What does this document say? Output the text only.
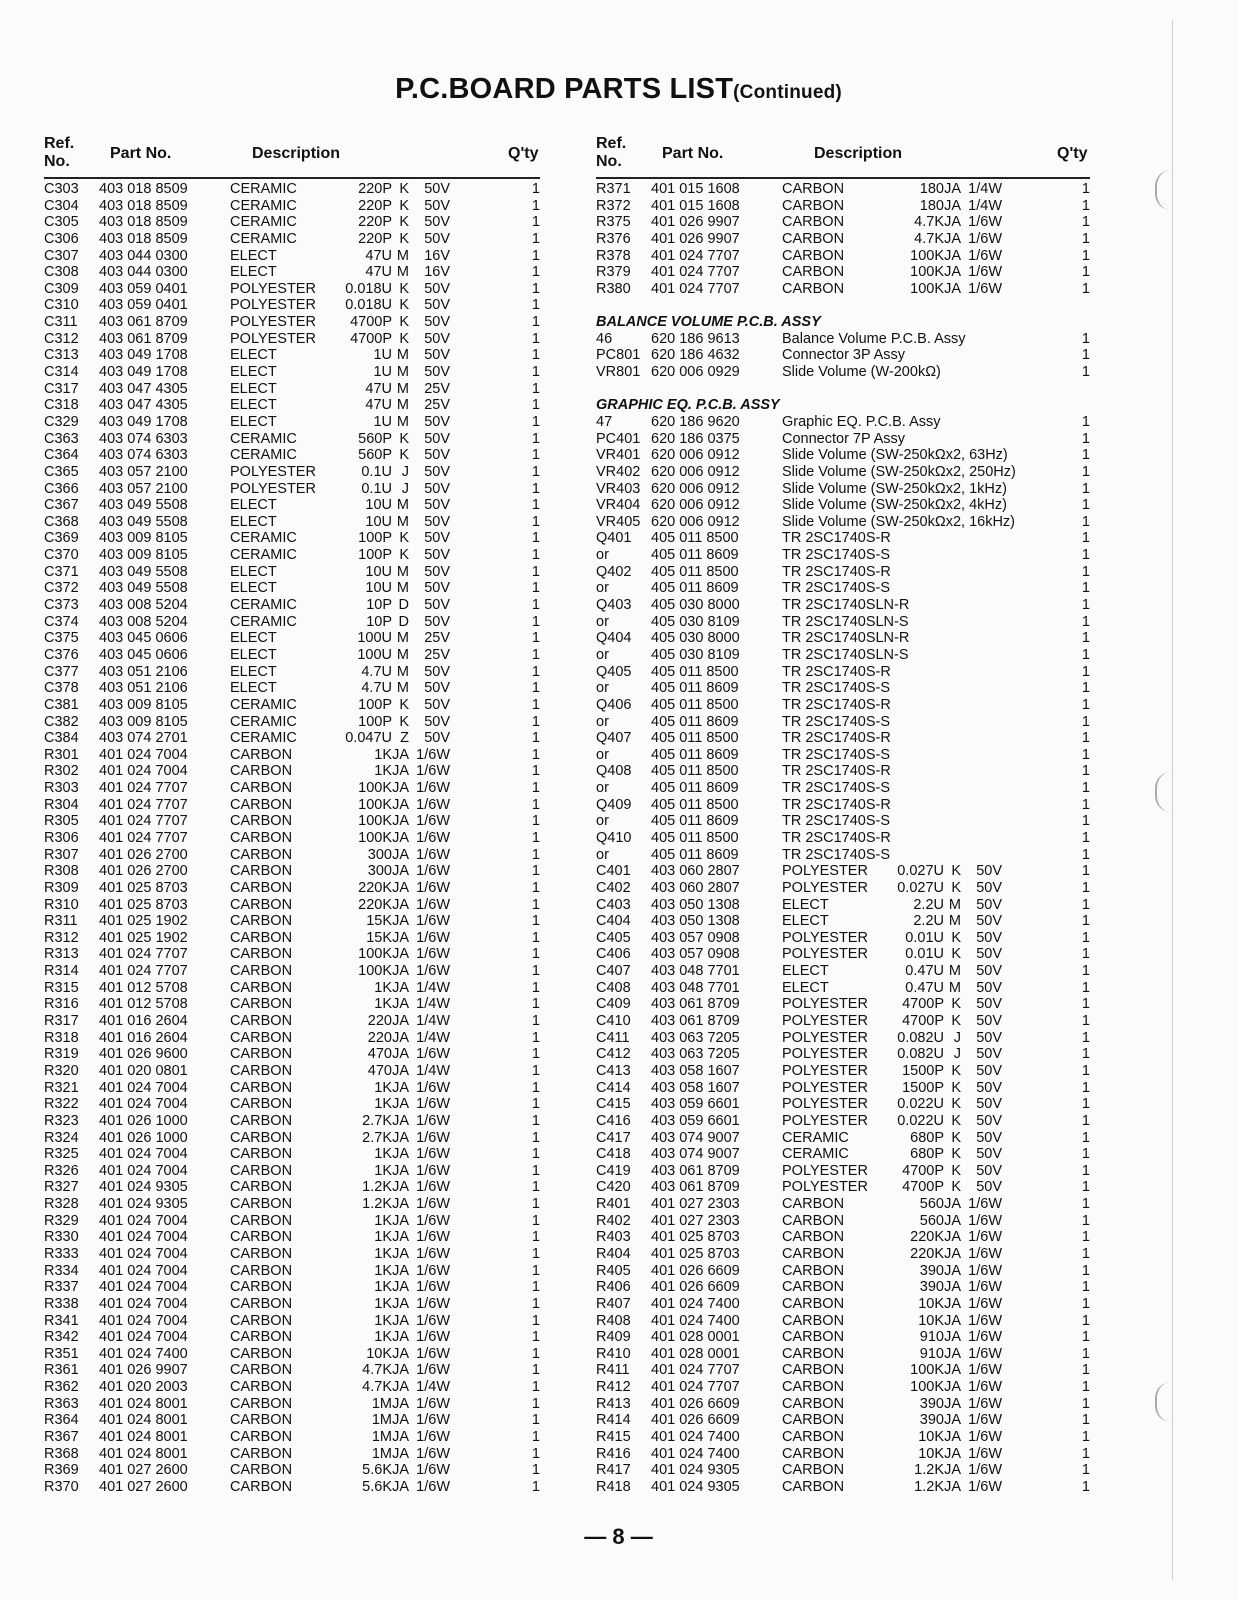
P.C.BOARD PARTS LIST(Continued)
Ref.
No.	Part No.	Description	Q'ty
Ref.
No.	Part No.	Description	Q'ty
C303 403 018 8509	CERAMIC	220P K 50V	1
C304 403 018 8509	CERAMIC	220P K 50V	1
C305 403 018 8509	CERAMIC	220P K 50V	1
C306 403 018 8509	CERAMIC	220P K 50V	1
C307 403 044 0300	ELECT	47U M 16V	1
C308 403 044 0300	ELECT	47U M 16V	1
C309 403 059 0401	POLYESTER 0.018U K 50V	1
C310 403 059 0401	POLYESTER 0.018U K 50V	1
C311 403 061 8709	POLYESTER 4700P K 50V	1
C312 403 061 8709	POLYESTER 4700P K 50V	1
C313 403 049 1708	ELECT	1U M 50V	1
C314 403 049 1708	ELECT	1U M 50V	1
C317 403 047 4305	ELECT	47U M 25V	1
C318 403 047 4305	ELECT	47U M 25V	1
C329 403 049 1708	ELECT	1U M 50V	1
C363 403 074 6303	CERAMIC	560P K 50V	1
C364 403 074 6303	CERAMIC	560P K 50V	1
C365 403 057 2100	POLYESTER	0.1U J 50V	1
C366 403 057 2100	POLYESTER	0.1U J 50V	1
C367 403 049 5508	ELECT	10U M 50V	1
C368 403 049 5508	ELECT	10U M 50V	1
C369 403 009 8105	CERAMIC	100P K 50V	1
C370 403 009 8105	CERAMIC	100P K 50V	1
C371 403 049 5508	ELECT	10U M 50V	1
C372 403 049 5508	ELECT	10U M 50V	1
C373 403 008 5204	CERAMIC	10P D 50V	1
C374 403 008 5204	CERAMIC	10P D 50V	1
C375 403 045 0606	ELECT	100U M 25V	1
C376 403 045 0606	ELECT	100U M 25V	1
C377 403 051 2106	ELECT	4.7U M 50V	1
C378 403 051 2106	ELECT	4.7U M 50V	1
C381 403 009 8105	CERAMIC	100P K 50V	1
C382 403 009 8105	CERAMIC	100P K 50V	1
C384 403 074 2701	CERAMIC	0.047U Z 50V	1
R301 401 024 7004	CARBON	1K JA 1/6W	1
R302 401 024 7004	CARBON	1K JA 1/6W	1
R303 401 024 7707	CARBON	100K JA 1/6W	1
R304 401 024 7707	CARBON	100K JA 1/6W	1
R305 401 024 7707	CARBON	100K JA 1/6W	1
R306 401 024 7707	CARBON	100K JA 1/6W	1
R307 401 026 2700	CARBON	300 JA 1/6W	1
R308 401 026 2700	CARBON	300 JA 1/6W	1
R309 401 025 8703	CARBON	220K JA 1/6W	1
R310 401 025 8703	CARBON	220K JA 1/6W	1
R311 401 025 1902	CARBON	15K JA 1/6W	1
R312 401 025 1902	CARBON	15K JA 1/6W	1
R313 401 024 7707	CARBON	100K JA 1/6W	1
R314 401 024 7707	CARBON	100K JA 1/6W	1
R315 401 012 5708	CARBON	1K JA 1/4W	1
R316 401 012 5708	CARBON	1K JA 1/4W	1
R317 401 016 2604	CARBON	220 JA 1/4W	1
R318 401 016 2604	CARBON	220 JA 1/4W	1
R319 401 026 9600	CARBON	470 JA 1/6W	1
R320 401 020 0801	CARBON	470 JA 1/4W	1
R321 401 024 7004	CARBON	1K JA 1/6W	1
R322 401 024 7004	CARBON	1K JA 1/6W	1
R323 401 026 1000	CARBON	2.7K JA 1/6W	1
R324 401 026 1000	CARBON	2.7K JA 1/6W	1
R325 401 024 7004	CARBON	1K JA 1/6W	1
R326 401 024 7004	CARBON	1K JA 1/6W	1
R327 401 024 9305	CARBON	1.2K JA 1/6W	1
R328 401 024 9305	CARBON	1.2K JA 1/6W	1
R329 401 024 7004	CARBON	1K JA 1/6W	1
R330 401 024 7004	CARBON	1K JA 1/6W	1
R333 401 024 7004	CARBON	1K JA 1/6W	1
R334 401 024 7004	CARBON	1K JA 1/6W	1
R337 401 024 7004	CARBON	1K JA 1/6W	1
R338 401 024 7004	CARBON	1K JA 1/6W	1
R341 401 024 7004	CARBON	1K JA 1/6W	1
R342 401 024 7004	CARBON	1K JA 1/6W	1
R351 401 024 7400	CARBON	10K JA 1/6W	1
R361 401 026 9907	CARBON	4.7K JA 1/6W	1
R362 401 020 2003	CARBON	4.7K JA 1/4W	1
R363 401 024 8001	CARBON	1M JA 1/6W	1
R364 401 024 8001	CARBON	1M JA 1/6W	1
R367 401 024 8001	CARBON	1M JA 1/6W	1
R368 401 024 8001	CARBON	1M JA 1/6W	1
R369 401 027 2600	CARBON	5.6K JA 1/6W	1
R370 401 027 2600	CARBON	5.6K JA 1/6W	1
R371 401 015 1608	CARBON	180 JA 1/4W	1
R372 401 015 1608	CARBON	180 JA 1/4W	1
R375 401 026 9907	CARBON	4.7K JA 1/6W	1
R376 401 026 9907	CARBON	4.7K JA 1/6W	1
R378 401 024 7707	CARBON	100K JA 1/6W	1
R379 401 024 7707	CARBON	100K JA 1/6W	1
R380 401 024 7707	CARBON	100K JA 1/6W	1
BALANCE VOLUME P.C.B. ASSY
46	620 186 9613	Balance Volume P.C.B. Assy	1
PC801 620 186 4632	Connector 3P Assy	1
VR801 620 006 0929	Slide Volume (W-200kΩ)	1
GRAPHIC EQ. P.C.B. ASSY
47	620 186 9620	Graphic EQ. P.C.B. Assy	1
PC401 620 186 0375	Connector 7P Assy	1
VR401 620 006 0912	Slide Volume (SW-250kΩx2, 63Hz)	1
VR402 620 006 0912	Slide Volume (SW-250kΩx2, 250Hz)	1
VR403 620 006 0912	Slide Volume (SW-250kΩx2, 1kHz)	1
VR404 620 006 0912	Slide Volume (SW-250kΩx2, 4kHz)	1
VR405 620 006 0912	Slide Volume (SW-250kΩx2, 16kHz)	1
Q401 405 011 8500	TR 2SC1740S-R	1
or	405 011 8609	TR 2SC1740S-S	1
Q402 405 011 8500	TR 2SC1740S-R	1
or	405 011 8609	TR 2SC1740S-S	1
Q403 405 030 8000	TR 2SC1740SLN-R	1
or	405 030 8109	TR 2SC1740SLN-S	1
Q404 405 030 8000	TR 2SC1740SLN-R	1
or	405 030 8109	TR 2SC1740SLN-S	1
Q405 405 011 8500	TR 2SC1740S-R	1
or	405 011 8609	TR 2SC1740S-S	1
Q406 405 011 8500	TR 2SC1740S-R	1
or	405 011 8609	TR 2SC1740S-S	1
Q407 405 011 8500	TR 2SC1740S-R	1
or	405 011 8609	TR 2SC1740S-S	1
Q408 405 011 8500	TR 2SC1740S-R	1
or	405 011 8609	TR 2SC1740S-S	1
Q409 405 011 8500	TR 2SC1740S-R	1
or	405 011 8609	TR 2SC1740S-S	1
Q410 405 011 8500	TR 2SC1740S-R	1
or	405 011 8609	TR 2SC1740S-S	1
C401 403 060 2807	POLYESTER 0.027U K 50V	1
C402 403 060 2807	POLYESTER 0.027U K 50V	1
C403 403 050 1308	ELECT	2.2U M 50V	1
C404 403 050 1308	ELECT	2.2U M 50V	1
C405 403 057 0908	POLYESTER	0.01U K 50V	1
C406 403 057 0908	POLYESTER	0.01U K 50V	1
C407 403 048 7701	ELECT	0.47U M 50V	1
C408 403 048 7701	ELECT	0.47U M 50V	1
C409 403 061 8709	POLYESTER 4700P K 50V	1
C410 403 061 8709	POLYESTER 4700P K 50V	1
C411 403 063 7205	POLYESTER 0.082U J 50V	1
C412 403 063 7205	POLYESTER 0.082U J 50V	1
C413 403 058 1607	POLYESTER 1500P K 50V	1
C414 403 058 1607	POLYESTER 1500P K 50V	1
C415 403 059 6601	POLYESTER 0.022U K 50V	1
C416 403 059 6601	POLYESTER 0.022U K 50V	1
C417 403 074 9007	CERAMIC	680P K 50V	1
C418 403 074 9007	CERAMIC	680P K 50V	1
C419 403 061 8709	POLYESTER 4700P K 50V	1
C420 403 061 8709	POLYESTER 4700P K 50V	1
R401 401 027 2303	CARBON	560 JA 1/6W	1
R402 401 027 2303	CARBON	560 JA 1/6W	1
R403 401 025 8703	CARBON	220K JA 1/6W	1
R404 401 025 8703	CARBON	220K JA 1/6W	1
R405 401 026 6609	CARBON	390 JA 1/6W	1
R406 401 026 6609	CARBON	390 JA 1/6W	1
R407 401 024 7400	CARBON	10K JA 1/6W	1
R408 401 024 7400	CARBON	10K JA 1/6W	1
R409 401 028 0001	CARBON	910 JA 1/6W	1
R410 401 028 0001	CARBON	910 JA 1/6W	1
R411 401 024 7707	CARBON	100K JA 1/6W	1
R412 401 024 7707	CARBON	100K JA 1/6W	1
R413 401 026 6609	CARBON	390 JA 1/6W	1
R414 401 026 6609	CARBON	390 JA 1/6W	1
R415 401 024 7400	CARBON	10K JA 1/6W	1
R416 401 024 7400	CARBON	10K JA 1/6W	1
R417 401 024 9305	CARBON	1.2K JA 1/6W	1
R418 401 024 9305	CARBON	1.2K JA 1/6W	1
— 8 —
